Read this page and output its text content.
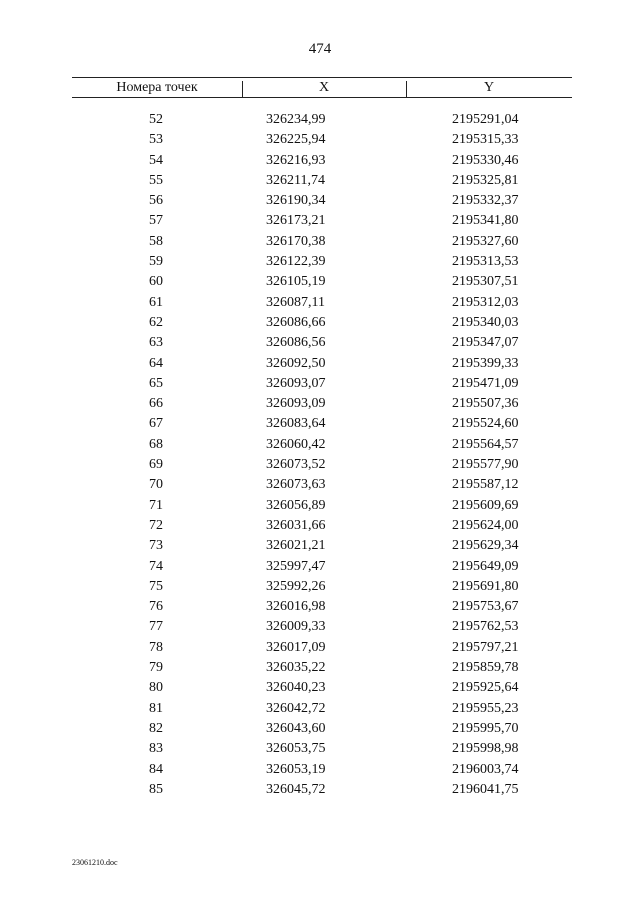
474
Номера точек	X	Y
52	326234,99	2195291,04
53	326225,94	2195315,33
54	326216,93	2195330,46
55	326211,74	2195325,81
56	326190,34	2195332,37
57	326173,21	2195341,80
58	326170,38	2195327,60
59	326122,39	2195313,53
60	326105,19	2195307,51
61	326087,11	2195312,03
62	326086,66	2195340,03
63	326086,56	2195347,07
64	326092,50	2195399,33
65	326093,07	2195471,09
66	326093,09	2195507,36
67	326083,64	2195524,60
68	326060,42	2195564,57
69	326073,52	2195577,90
70	326073,63	2195587,12
71	326056,89	2195609,69
72	326031,66	2195624,00
73	326021,21	2195629,34
74	325997,47	2195649,09
75	325992,26	2195691,80
76	326016,98	2195753,67
77	326009,33	2195762,53
78	326017,09	2195797,21
79	326035,22	2195859,78
80	326040,23	2195925,64
81	326042,72	2195955,23
82	326043,60	2195995,70
83	326053,75	2195998,98
84	326053,19	2196003,74
85	326045,72	2196041,75
23061210.doc
